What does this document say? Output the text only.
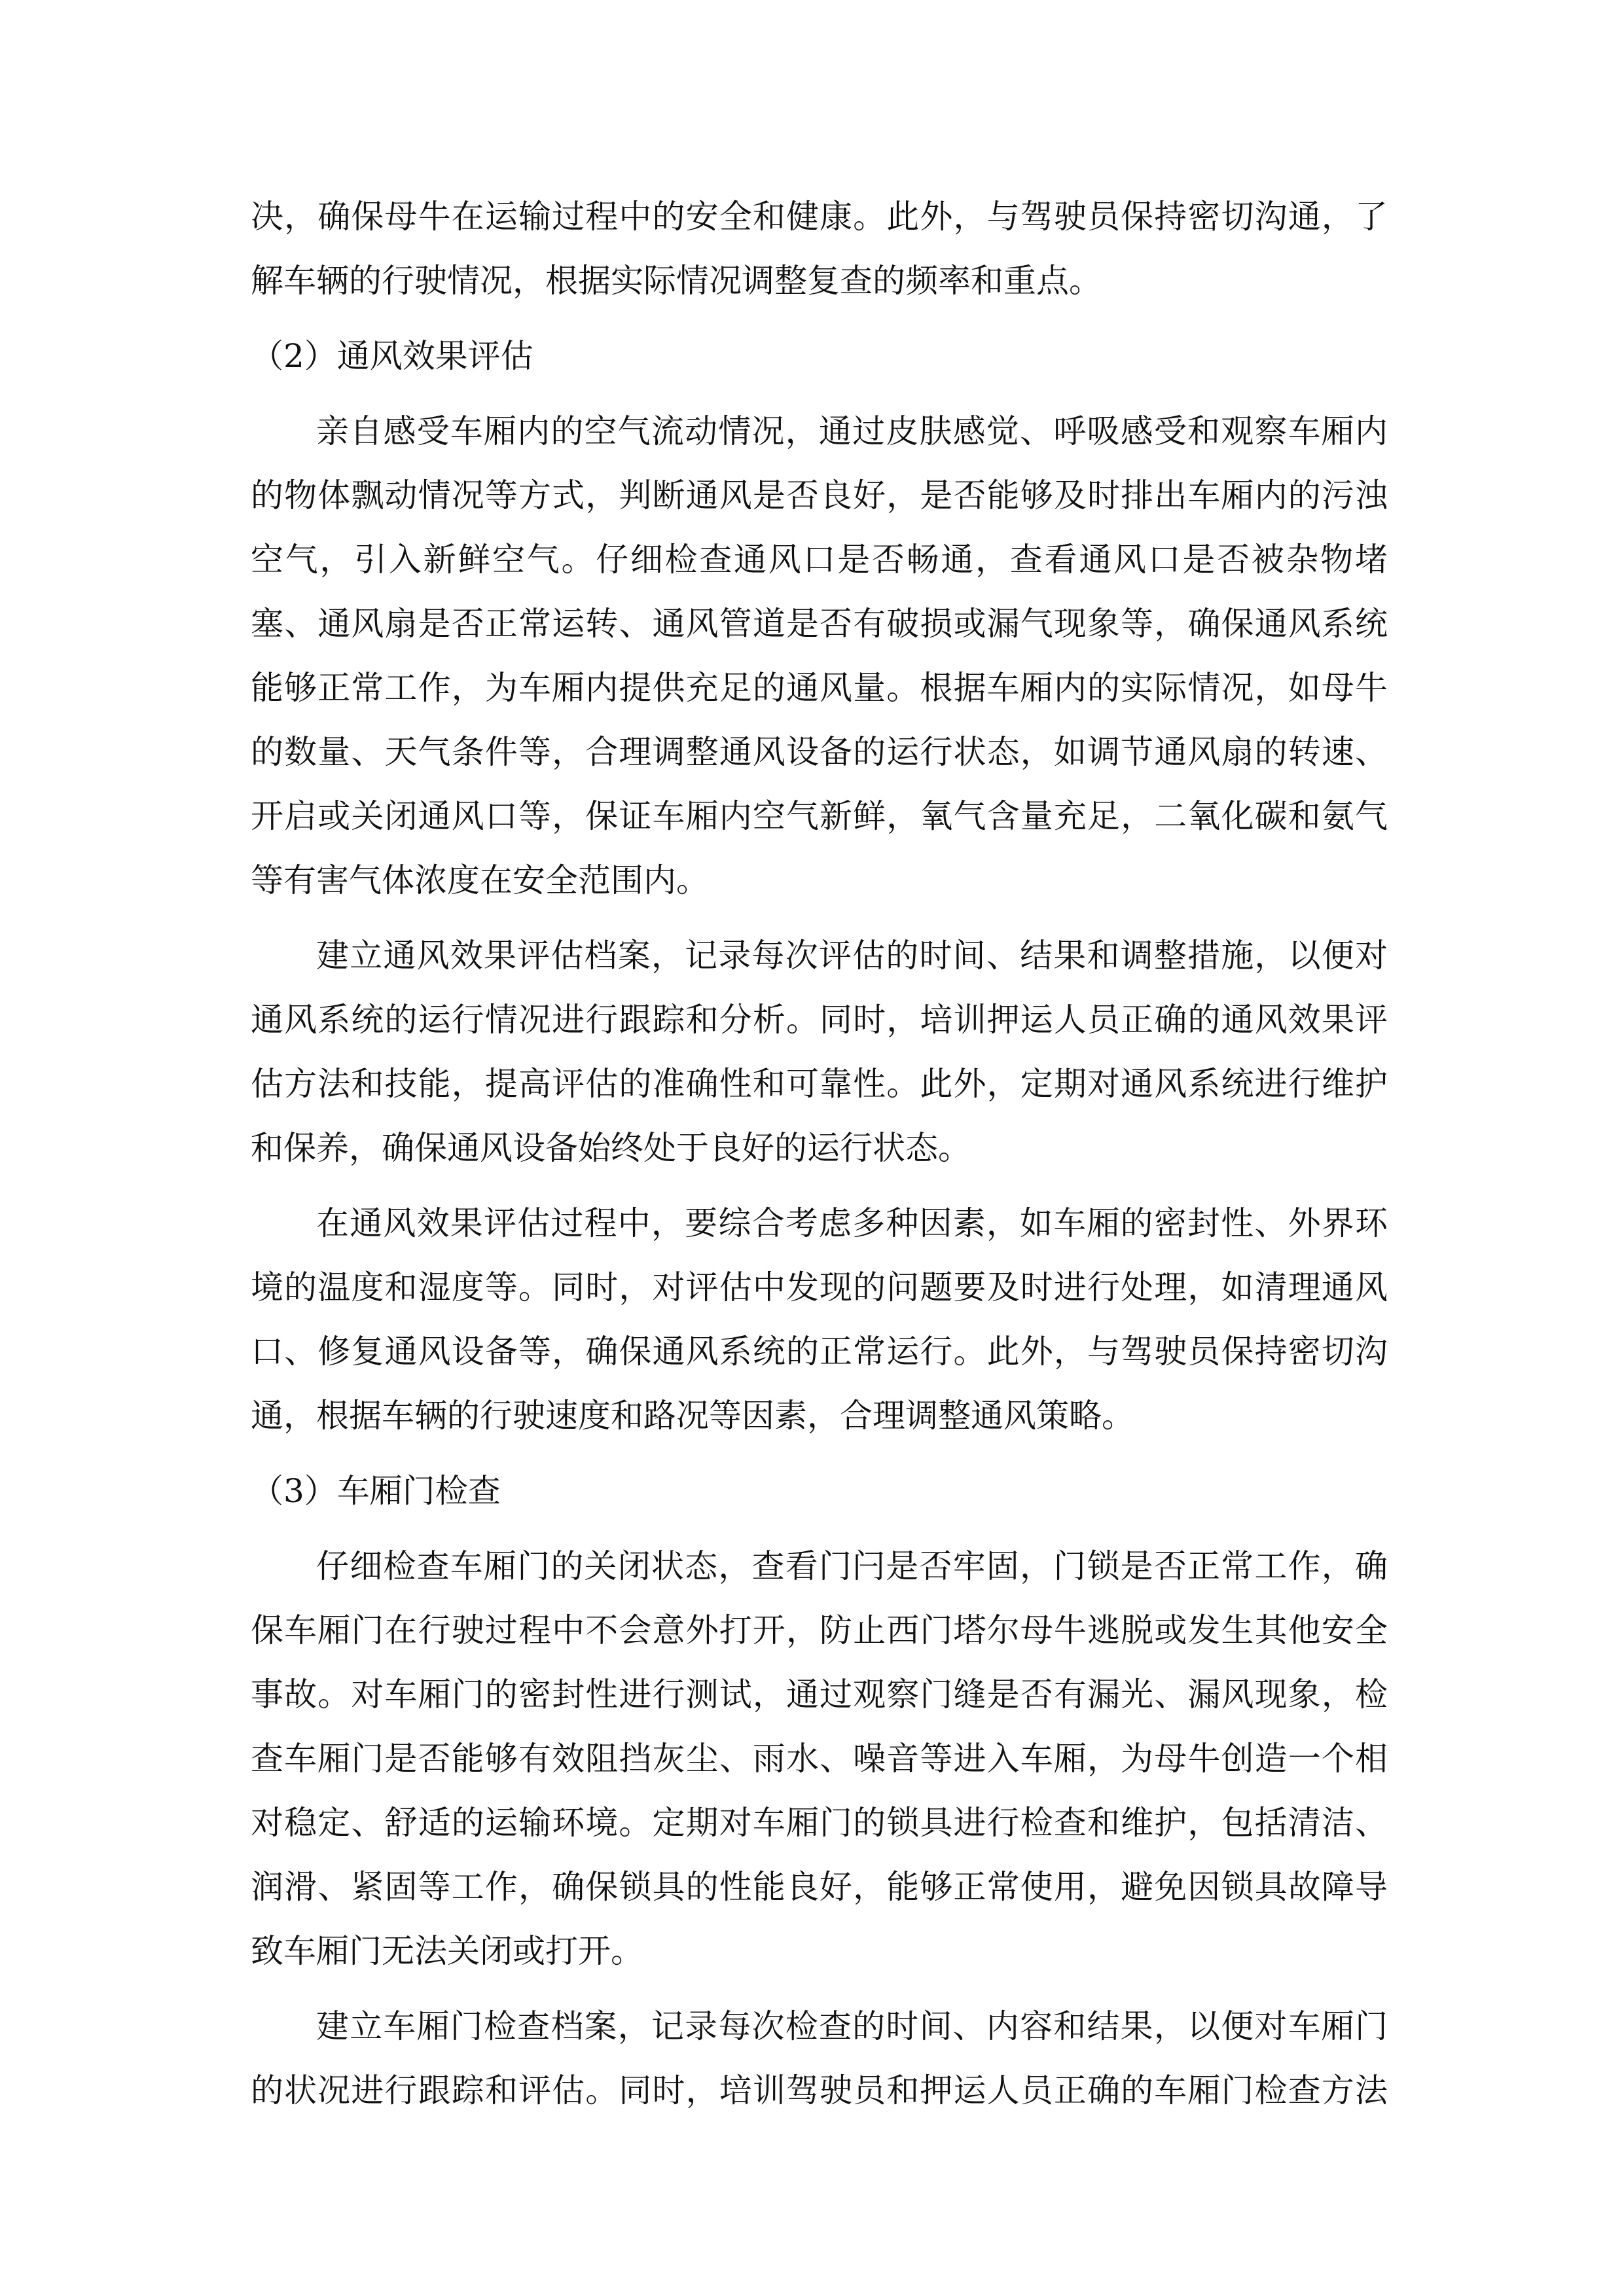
决，确保母牛在运输过程中的安全和健康。此外，与驾驶员保持密切沟通，了
解车辆的行驶情况，根据实际情况调整复查的频率和重点。
（2）通风效果评估
亲自感受车厢内的空气流动情况，通过皮肤感觉、呼吸感受和观察车厢内
的物体飘动情况等方式，判断通风是否良好，是否能够及时排出车厢内的污浊
空气，引入新鲜空气。仔细检查通风口是否畅通，查看通风口是否被杂物堵
塞、通风扇是否正常运转、通风管道是否有破损或漏气现象等，确保通风系统
能够正常工作，为车厢内提供充足的通风量。根据车厢内的实际情况，如母牛
的数量、天气条件等，合理调整通风设备的运行状态，如调节通风扇的转速、
开启或关闭通风口等，保证车厢内空气新鲜，氧气含量充足，二氧化碳和氨气
等有害气体浓度在安全范围内。
建立通风效果评估档案，记录每次评估的时间、结果和调整措施，以便对
通风系统的运行情况进行跟踪和分析。同时，培训押运人员正确的通风效果评
估方法和技能，提高评估的准确性和可靠性。此外，定期对通风系统进行维护
和保养，确保通风设备始终处于良好的运行状态。
在通风效果评估过程中，要综合考虑多种因素，如车厢的密封性、外界环
境的温度和湿度等。同时，对评估中发现的问题要及时进行处理，如清理通风
口、修复通风设备等，确保通风系统的正常运行。此外，与驾驶员保持密切沟
通，根据车辆的行驶速度和路况等因素，合理调整通风策略。
（3）车厢门检查
仔细检查车厢门的关闭状态，查看门闩是否牢固，门锁是否正常工作，确
保车厢门在行驶过程中不会意外打开，防止西门塔尔母牛逃脱或发生其他安全
事故。对车厢门的密封性进行测试，通过观察门缝是否有漏光、漏风现象，检
查车厢门是否能够有效阻挡灰尘、雨水、噪音等进入车厢，为母牛创造一个相
对稳定、舒适的运输环境。定期对车厢门的锁具进行检查和维护，包括清洁、
润滑、紧固等工作，确保锁具的性能良好，能够正常使用，避免因锁具故障导
致车厢门无法关闭或打开。
建立车厢门检查档案，记录每次检查的时间、内容和结果，以便对车厢门
的状况进行跟踪和评估。同时，培训驾驶员和押运人员正确的车厢门检查方法
